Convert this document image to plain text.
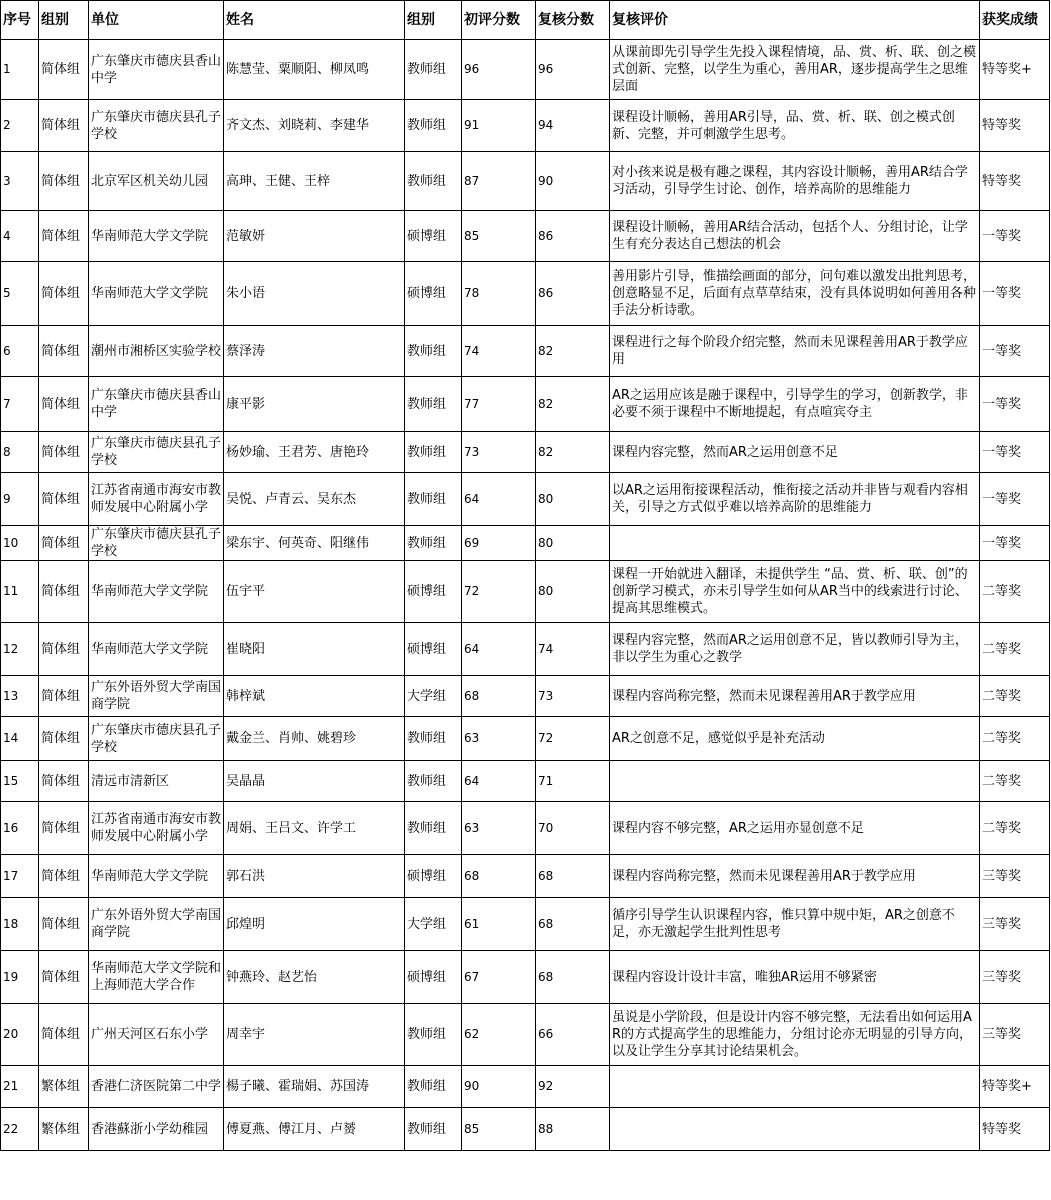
序号	组别	单位	姓名	组别	初评分数	复核分数	复核评价	获奖成绩
1	简体组	广东肇庆市德庆县香山中学	陈慧莹、粟顺阳、柳凤鸣	教师组	96	96	从课前即先引导学生先投入课程情境，品、赏、析、联、创之模式创新、完整，以学生为重心，善用AR，逐步提高学生之思维层面	特等奖+
2	简体组	广东肇庆市德庆县孔子学校	齐文杰、刘晓莉、李建华	教师组	91	94	课程设计顺畅，善用AR引导，品、赏、析、联、创之模式创新、完整，并可刺激学生思考。	特等奖
3	简体组	北京军区机关幼儿园	高珅、王健、王梓	教师组	87	90	对小孩来说是极有趣之课程，其内容设计顺畅，善用AR结合学习活动，引导学生讨论、创作，培养高阶的思维能力	特等奖
4	简体组	华南师范大学文学院	范敏妍	硕博组	85	86	课程设计顺畅，善用AR结合活动，包括个人、分组讨论，让学生有充分表达自己想法的机会	一等奖
5	简体组	华南师范大学文学院	朱小语	硕博组	78	86	善用影片引导，惟描绘画面的部分，问句难以激发出批判思考，创意略显不足，后面有点草草结束，没有具体说明如何善用各种手法分析诗歌。	一等奖
6	简体组	潮州市湘桥区实验学校	蔡泽涛	教师组	74	82	课程进行之每个阶段介绍完整，然而未见课程善用AR于教学应用	一等奖
7	简体组	广东肇庆市德庆县香山中学	康平影	教师组	77	82	AR之运用应该是融于课程中，引导学生的学习，创新教学，非必要不须于课程中不断地提起，有点喧宾夺主	一等奖
8	简体组	广东肇庆市德庆县孔子学校	杨妙瑜、王君芳、唐艳玲	教师组	73	82	课程内容完整，然而AR之运用创意不足	一等奖
9	简体组	江苏省南通市海安市教师发展中心附属小学	吴悦、卢青云、吴东杰	教师组	64	80	以AR之运用衔接课程活动，惟衔接之活动并非皆与观看内容相关，引导之方式似乎难以培养高阶的思维能力	一等奖
10	简体组	广东肇庆市德庆县孔子学校	梁东宇、何英奇、阳继伟	教师组	69	80		一等奖
11	简体组	华南师范大学文学院	伍宇平	硕博组	72	80	课程一开始就进入翻译，未提供学生 “品、赏、析、联、创”的创新学习模式，亦未引导学生如何从AR当中的线索进行讨论、提高其思维模式。	二等奖
12	简体组	华南师范大学文学院	崔晓阳	硕博组	64	74	课程内容完整，然而AR之运用创意不足，皆以教师引导为主，非以学生为重心之教学	二等奖
13	简体组	广东外语外贸大学南国商学院	韩梓斌	大学组	68	73	课程内容尚称完整，然而未见课程善用AR于教学应用	二等奖
14	简体组	广东肇庆市德庆县孔子学校	戴金兰、肖帅、姚碧珍	教师组	63	72	AR之创意不足，感觉似乎是补充活动	二等奖
15	简体组	清远市清新区	吴晶晶	教师组	64	71		二等奖
16	简体组	江苏省南通市海安市教师发展中心附属小学	周娟、王吕文、许学工	教师组	63	70	课程内容不够完整，AR之运用亦显创意不足	二等奖
17	简体组	华南师范大学文学院	郭石洪	硕博组	68	68	课程内容尚称完整，然而未见课程善用AR于教学应用	三等奖
18	简体组	广东外语外贸大学南国商学院	邱煌明	大学组	61	68	循序引导学生认识课程内容，惟只算中规中矩，AR之创意不足，亦无激起学生批判性思考	三等奖
19	简体组	华南师范大学文学院和上海师范大学合作	钟燕玲、赵艺怡	硕博组	67	68	课程内容设计设计丰富，唯独AR运用不够紧密	三等奖
20	简体组	广州天河区石东小学	周幸宇	教师组	62	66	虽说是小学阶段，但是设计内容不够完整，无法看出如何运用AR的方式提高学生的思维能力，分组讨论亦无明显的引导方向，以及让学生分享其讨论结果机会。	三等奖
21	繁体组	香港仁济医院第二中学	楊子曦、霍瑞娟、苏国涛	教师组	90	92		特等奖+
22	繁体组	香港蘇浙小学幼稚园	傅夏燕、傅江月、卢赟	教师组	85	88		特等奖
